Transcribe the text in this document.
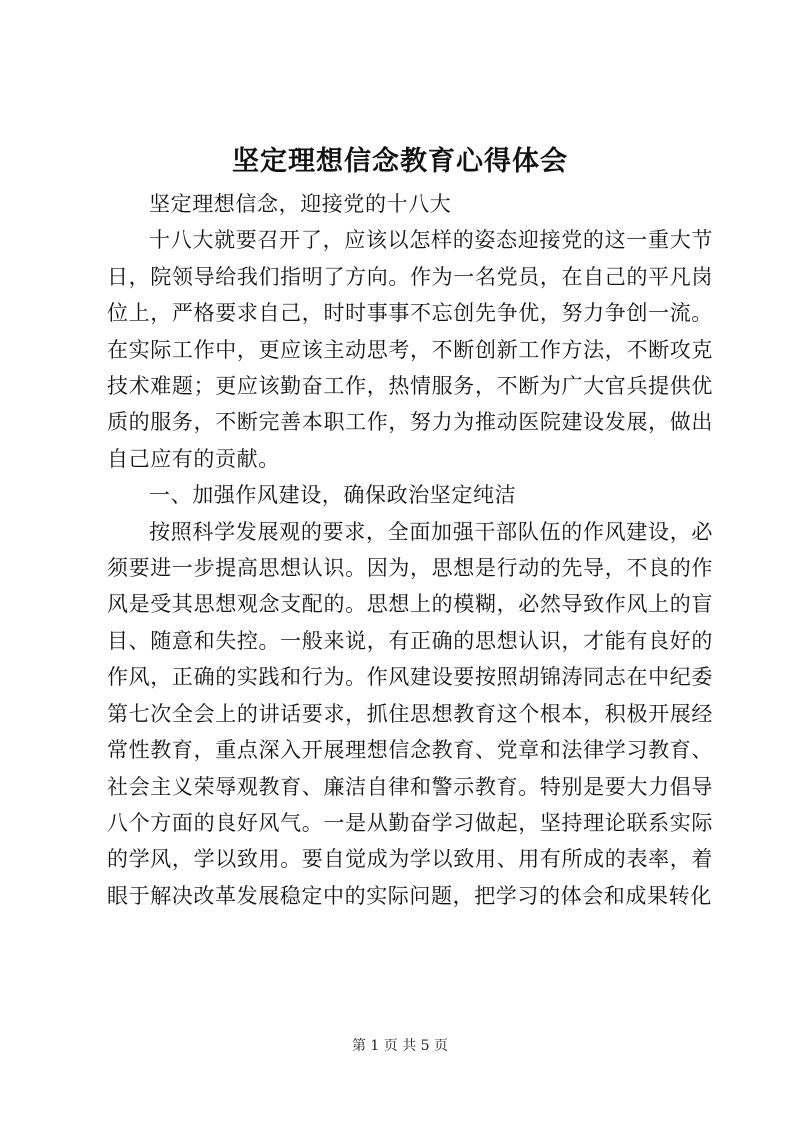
坚定理想信念教育心得体会

坚定理想信念，迎接党的十八大

十八大就要召开了，应该以怎样的姿态迎接党的这一重大节日，院领导给我们指明了方向。作为一名党员，在自己的平凡岗位上，严格要求自己，时时事事不忘创先争优，努力争创一流。在实际工作中，更应该主动思考，不断创新工作方法，不断攻克技术难题；更应该勤奋工作，热情服务，不断为广大官兵提供优质的服务，不断完善本职工作，努力为推动医院建设发展，做出自己应有的贡献。

一、加强作风建设，确保政治坚定纯洁

按照科学发展观的要求，全面加强干部队伍的作风建设，必须要进一步提高思想认识。因为，思想是行动的先导，不良的作风是受其思想观念支配的。思想上的模糊，必然导致作风上的盲目、随意和失控。一般来说，有正确的思想认识，才能有良好的作风，正确的实践和行为。作风建设要按照胡锦涛同志在中纪委第七次全会上的讲话要求，抓住思想教育这个根本，积极开展经常性教育，重点深入开展理想信念教育、党章和法律学习教育、社会主义荣辱观教育、廉洁自律和警示教育。特别是要大力倡导八个方面的良好风气。一是从勤奋学习做起，坚持理论联系实际的学风，学以致用。要自觉成为学以致用、用有所成的表率，着眼于解决改革发展稳定中的实际问题，把学习的体会和成果转化

第 1 页 共 5 页
